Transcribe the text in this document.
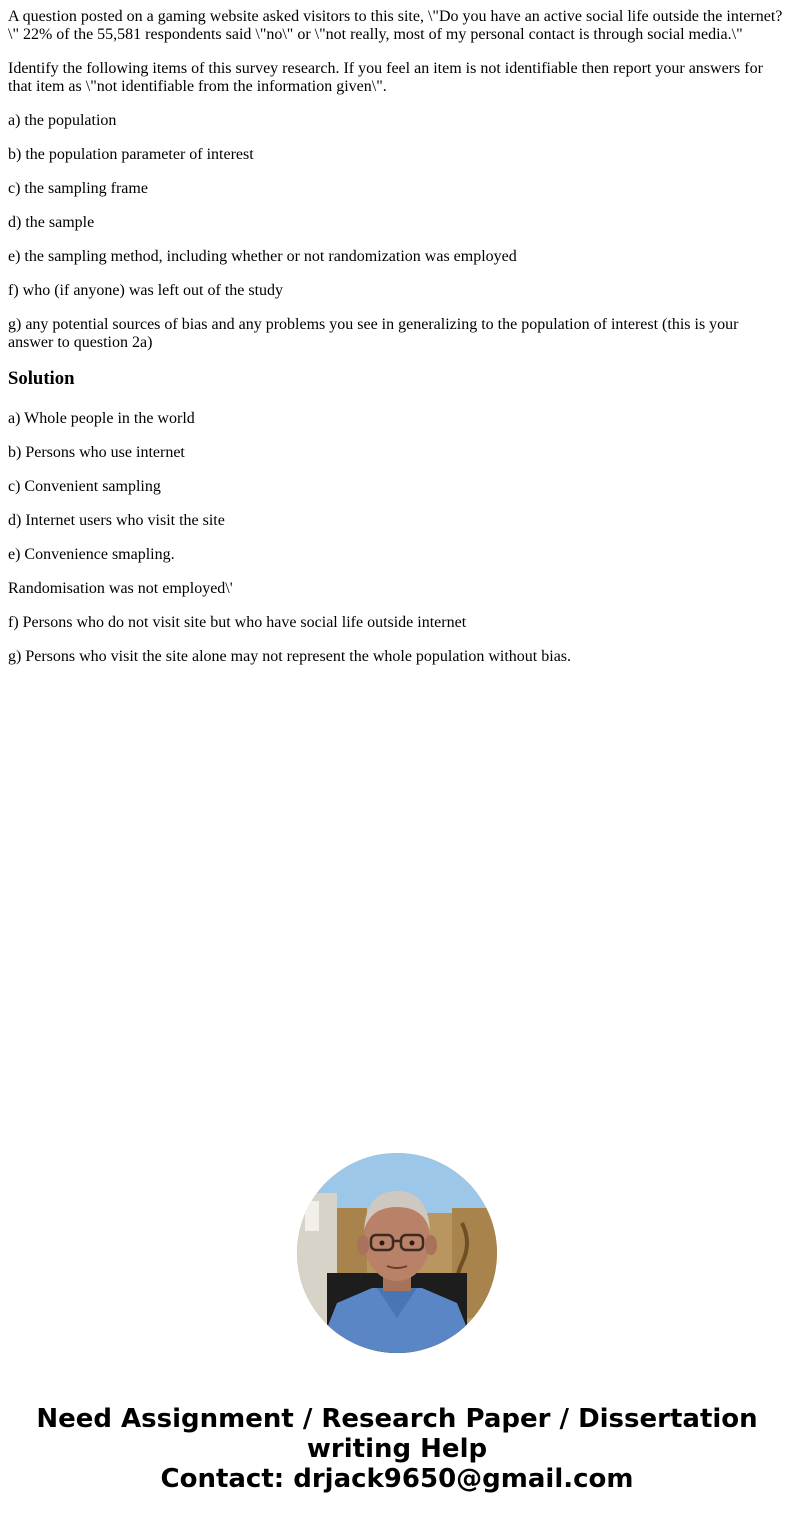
A question posted on a gaming website asked visitors to this site, \"Do you have an active social life outside the internet?\" 22% of the 55,581 respondents said \"no\" or \"not really, most of my personal contact is through social media.\"

Identify the following items of this survey research. If you feel an item is not identifiable then report your answers for that item as \"not identifiable from the information given\".

a) the population

b) the population parameter of interest

c) the sampling frame

d) the sample

e) the sampling method, including whether or not randomization was employed

f) who (if anyone) was left out of the study

g) any potential sources of bias and any problems you see in generalizing to the population of interest (this is your answer to question 2a)

Solution

a) Whole people in the world

b) Persons who use internet

c) Convenient sampling

d) Internet users who visit the site

e) Convenience smapling.

Randomisation was not employed\'

f) Persons who do not visit site but who have social life outside internet

g) Persons who visit the site alone may not represent the whole population without bias.

Need Assignment / Research Paper / Dissertation
writing Help
Contact: drjack9650@gmail.com
